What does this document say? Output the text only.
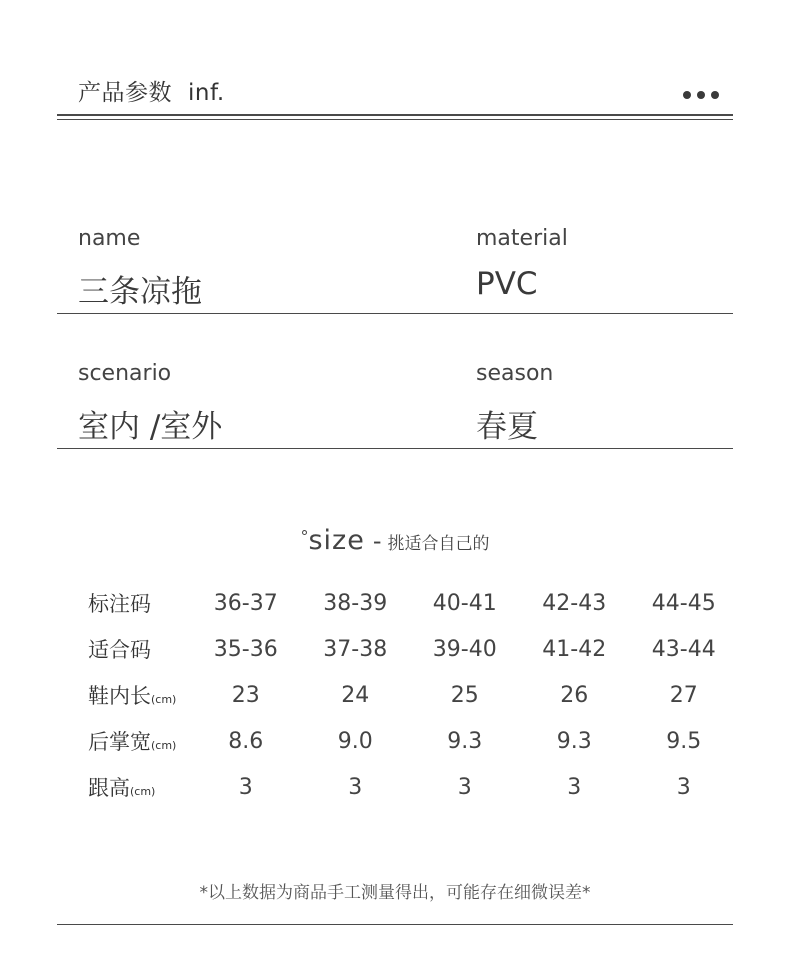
产品参数 inf.
name
三条凉拖
material
PVC
scenario
室内 /室外
season
春夏
°size - 挑适合自己的
标注码	36-37	38-39	40-41	42-43	44-45
适合码	35-36	37-38	39-40	41-42	43-44
鞋内长(cm)	23	24	25	26	27
后掌宽(cm)	8.6	9.0	9.3	9.3	9.5
跟高(cm)	3	3	3	3	3
*以上数据为商品手工测量得出，可能存在细微误差*
